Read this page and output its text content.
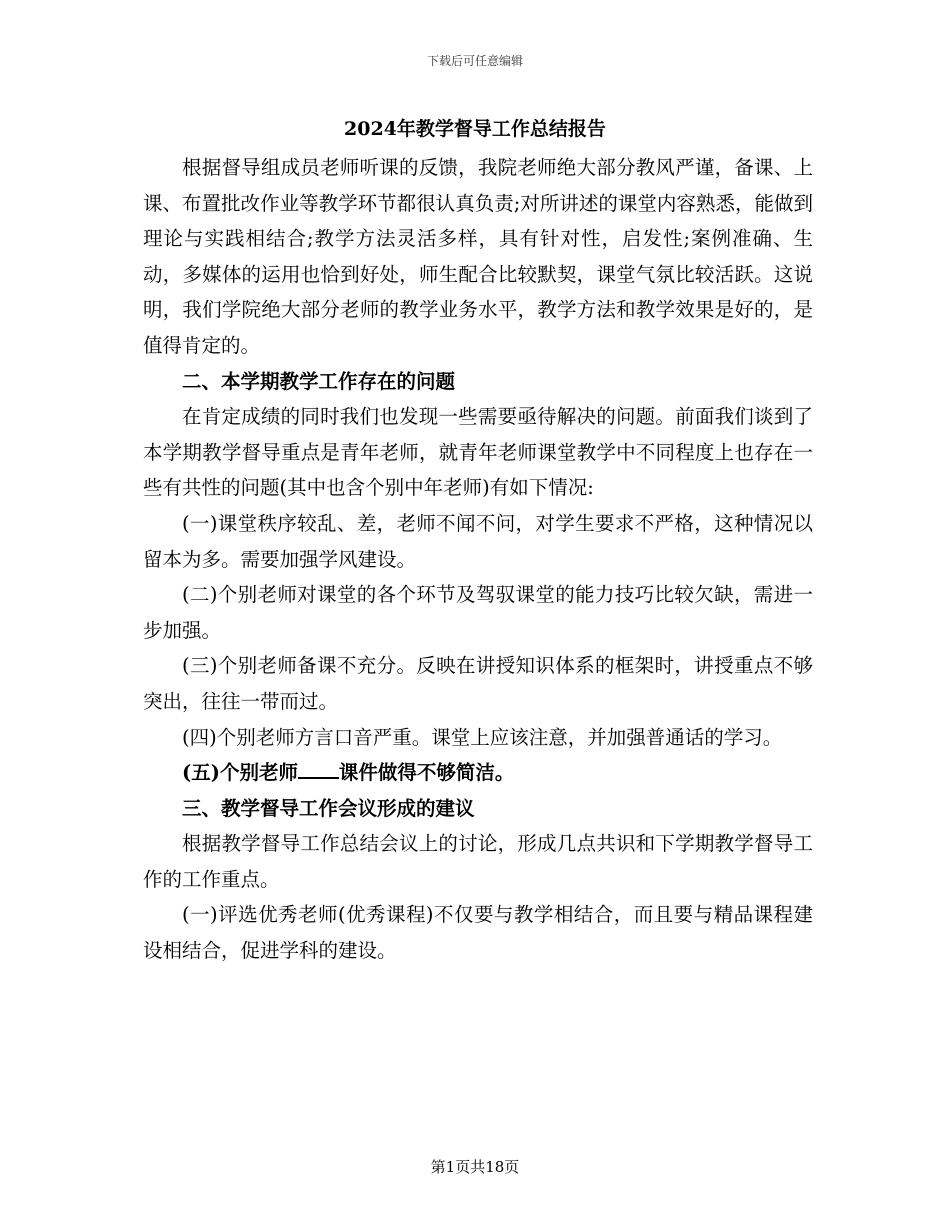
下载后可任意编辑
2024年教学督导工作总结报告

根据督导组成员老师听课的反馈，我院老师绝大部分教风严谨，备课、上课、布置批改作业等教学环节都很认真负责;对所讲述的课堂内容熟悉，能做到理论与实践相结合;教学方法灵活多样，具有针对性，启发性;案例准确、生动，多媒体的运用也恰到好处，师生配合比较默契，课堂气氛比较活跃。这说明，我们学院绝大部分老师的教学业务水平，教学方法和教学效果是好的，是值得肯定的。

二、本学期教学工作存在的问题

在肯定成绩的同时我们也发现一些需要亟待解决的问题。前面我们谈到了本学期教学督导重点是青年老师，就青年老师课堂教学中不同程度上也存在一些有共性的问题(其中也含个别中年老师)有如下情况:

(一)课堂秩序较乱、差，老师不闻不问，对学生要求不严格，这种情况以留本为多。需要加强学风建设。

(二)个别老师对课堂的各个环节及驾驭课堂的能力技巧比较欠缺，需进一步加强。

(三)个别老师备课不充分。反映在讲授知识体系的框架时，讲授重点不够突出，往往一带而过。

(四)个别老师方言口音严重。课堂上应该注意，并加强普通话的学习。

(五)个别老师 课件做得不够简洁。

三、教学督导工作会议形成的建议

根据教学督导工作总结会议上的讨论，形成几点共识和下学期教学督导工作的工作重点。

(一)评选优秀老师(优秀课程)不仅要与教学相结合，而且要与精品课程建设相结合，促进学科的建设。

第1页共18页
